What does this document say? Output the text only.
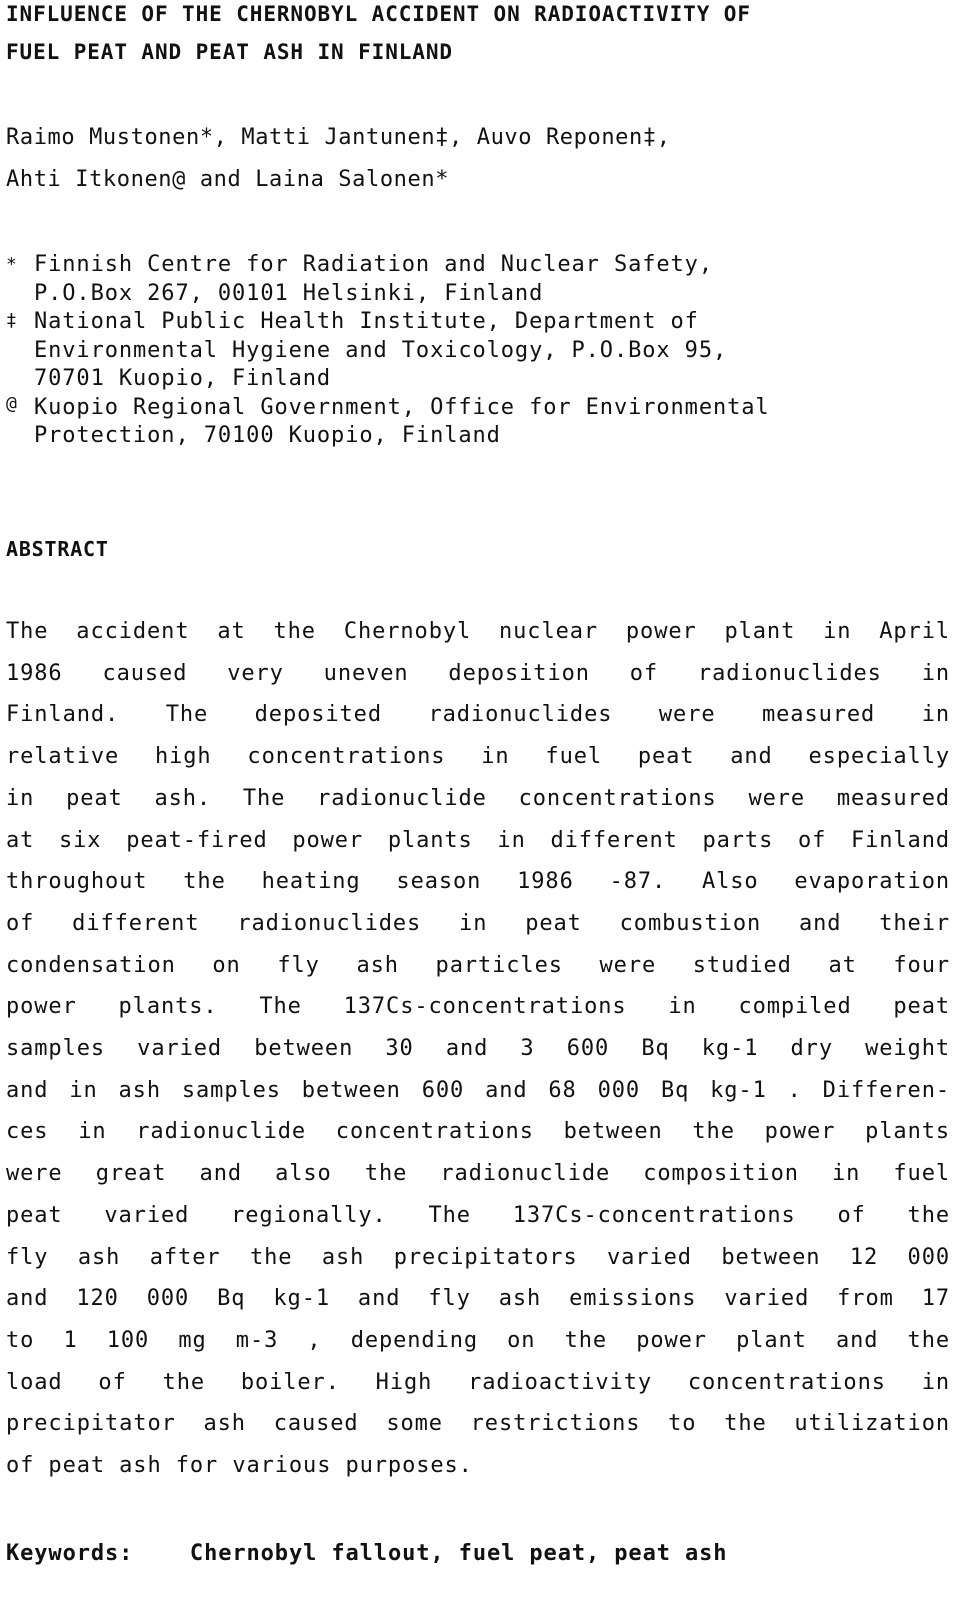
INFLUENCE OF THE CHERNOBYL ACCIDENT ON RADIOACTIVITY OF
FUEL PEAT AND PEAT ASH IN FINLAND
Raimo Mustonen*, Matti Jantunen‡, Auvo Reponen‡,
Ahti Itkonen@ and Laina Salonen*
* Finnish Centre for Radiation and Nuclear Safety,
P.O.Box 267, 00101 Helsinki, Finland
‡ National Public Health Institute, Department of
Environmental Hygiene and Toxicology, P.O.Box 95,
70701 Kuopio, Finland
@ Kuopio Regional Government, Office for Environmental
Protection, 70100 Kuopio, Finland
ABSTRACT
The accident at the Chernobyl nuclear power plant in April
1986 caused very uneven deposition of radionuclides in
Finland. The deposited radionuclides were measured in
relative high concentrations in fuel peat and especially
in peat ash. The radionuclide concentrations were measured
at six peat-fired power plants in different parts of Finland
throughout the heating season 1986 -87. Also evaporation
of different radionuclides in peat combustion and their
condensation on fly ash particles were studied at four
power plants. The 137Cs-concentrations in compiled peat
samples varied between 30 and 3 600 Bq kg-1 dry weight
and in ash samples between 600 and 68 000 Bq kg-1 . Differen-
ces in radionuclide concentrations between the power plants
were great and also the radionuclide composition in fuel
peat varied regionally. The 137Cs-concentrations of the
fly ash after the ash precipitators varied between 12 000
and 120 000 Bq kg-1 and fly ash emissions varied from 17
to 1 100 mg m-3 , depending on the power plant and the
load of the boiler. High radioactivity concentrations in
precipitator ash caused some restrictions to the utilization
of peat ash for various purposes.
Keywords:	Chernobyl fallout, fuel peat, peat ash
